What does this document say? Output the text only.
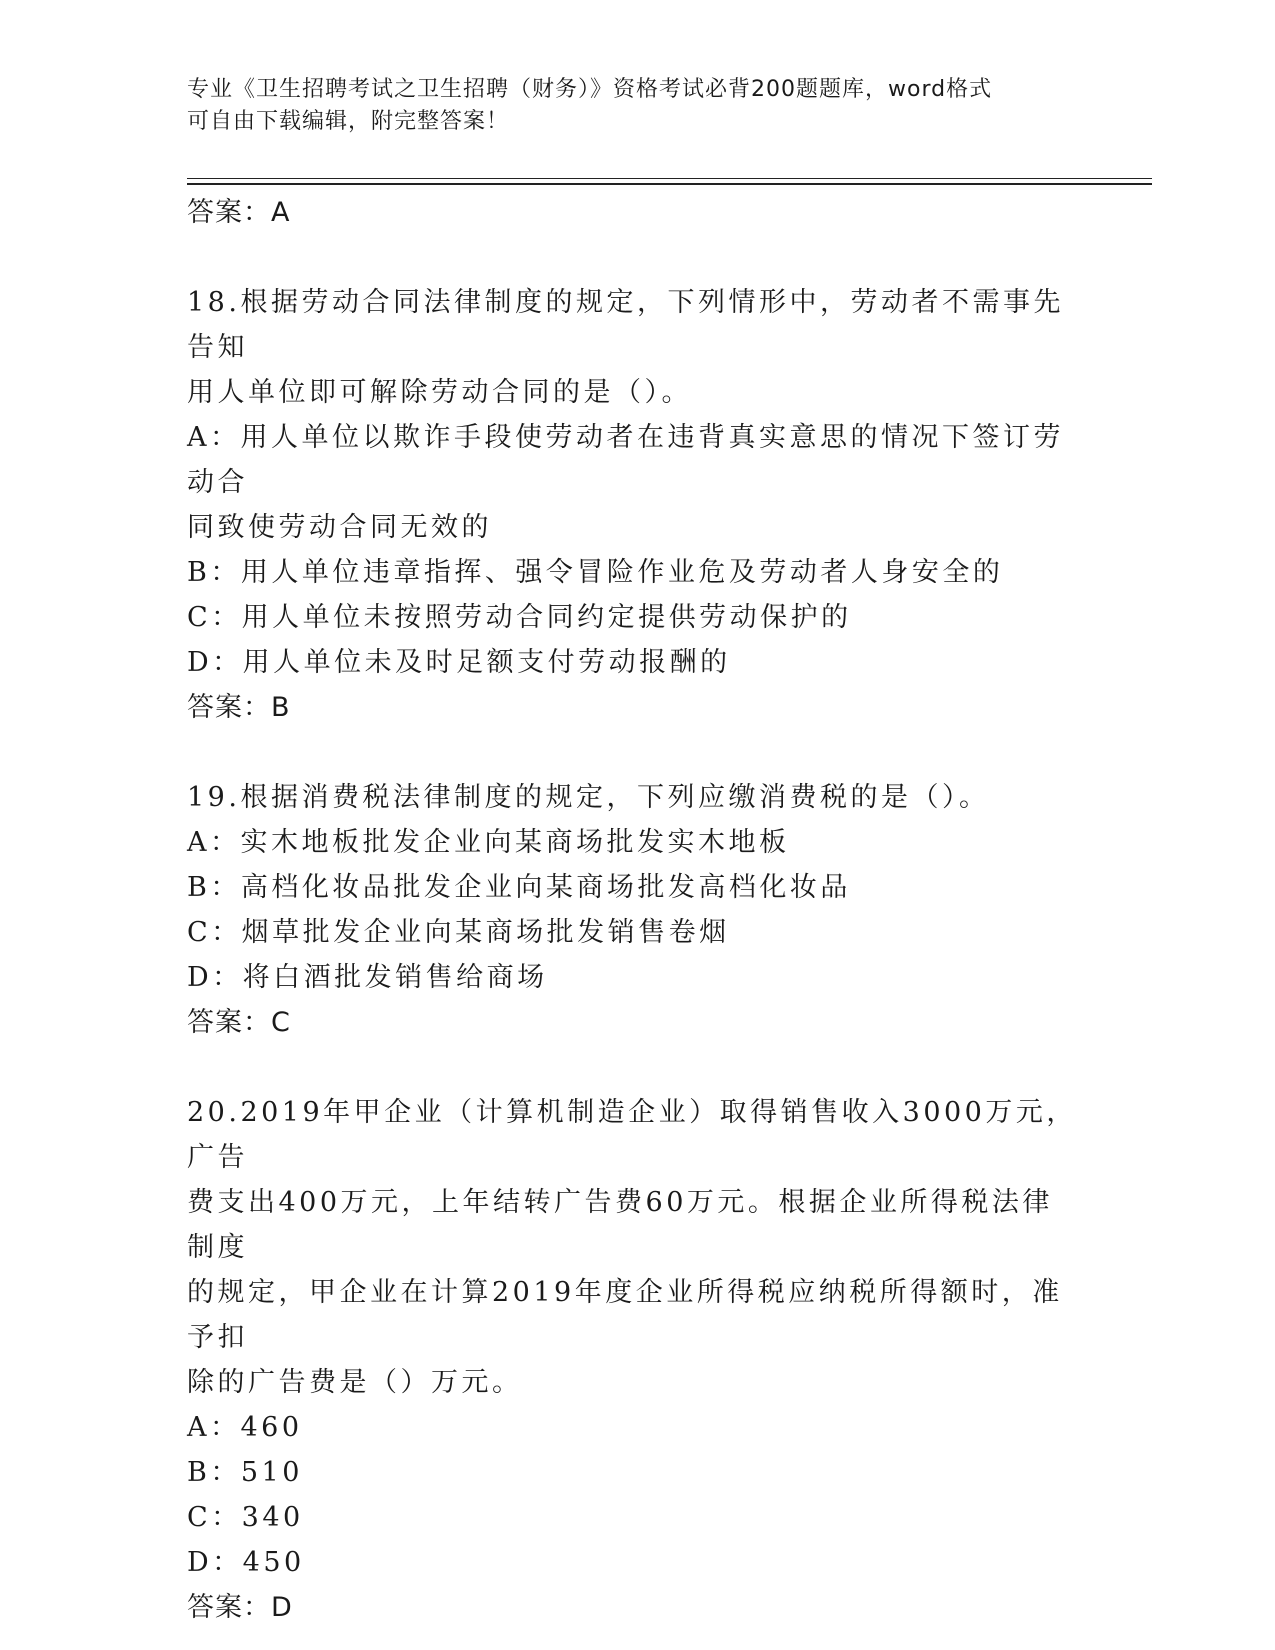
专业《卫生招聘考试之卫生招聘（财务）》资格考试必背200题题库，word格式
可自由下载编辑，附完整答案！
答案：A
18.根据劳动合同法律制度的规定，下列情形中，劳动者不需事先告知
用人单位即可解除劳动合同的是（）。
A：用人单位以欺诈手段使劳动者在违背真实意思的情况下签订劳动合
同致使劳动合同无效的
B：用人单位违章指挥、强令冒险作业危及劳动者人身安全的
C：用人单位未按照劳动合同约定提供劳动保护的
D：用人单位未及时足额支付劳动报酬的
答案：B
19.根据消费税法律制度的规定，下列应缴消费税的是（）。
A：实木地板批发企业向某商场批发实木地板
B：高档化妆品批发企业向某商场批发高档化妆品
C：烟草批发企业向某商场批发销售卷烟
D：将白酒批发销售给商场
答案：C
20.2019年甲企业（计算机制造企业）取得销售收入3000万元，广告
费支出400万元，上年结转广告费60万元。根据企业所得税法律制度
的规定，甲企业在计算2019年度企业所得税应纳税所得额时，准予扣
除的广告费是（）万元。
A：460
B：510
C：340
D：450
答案：D
